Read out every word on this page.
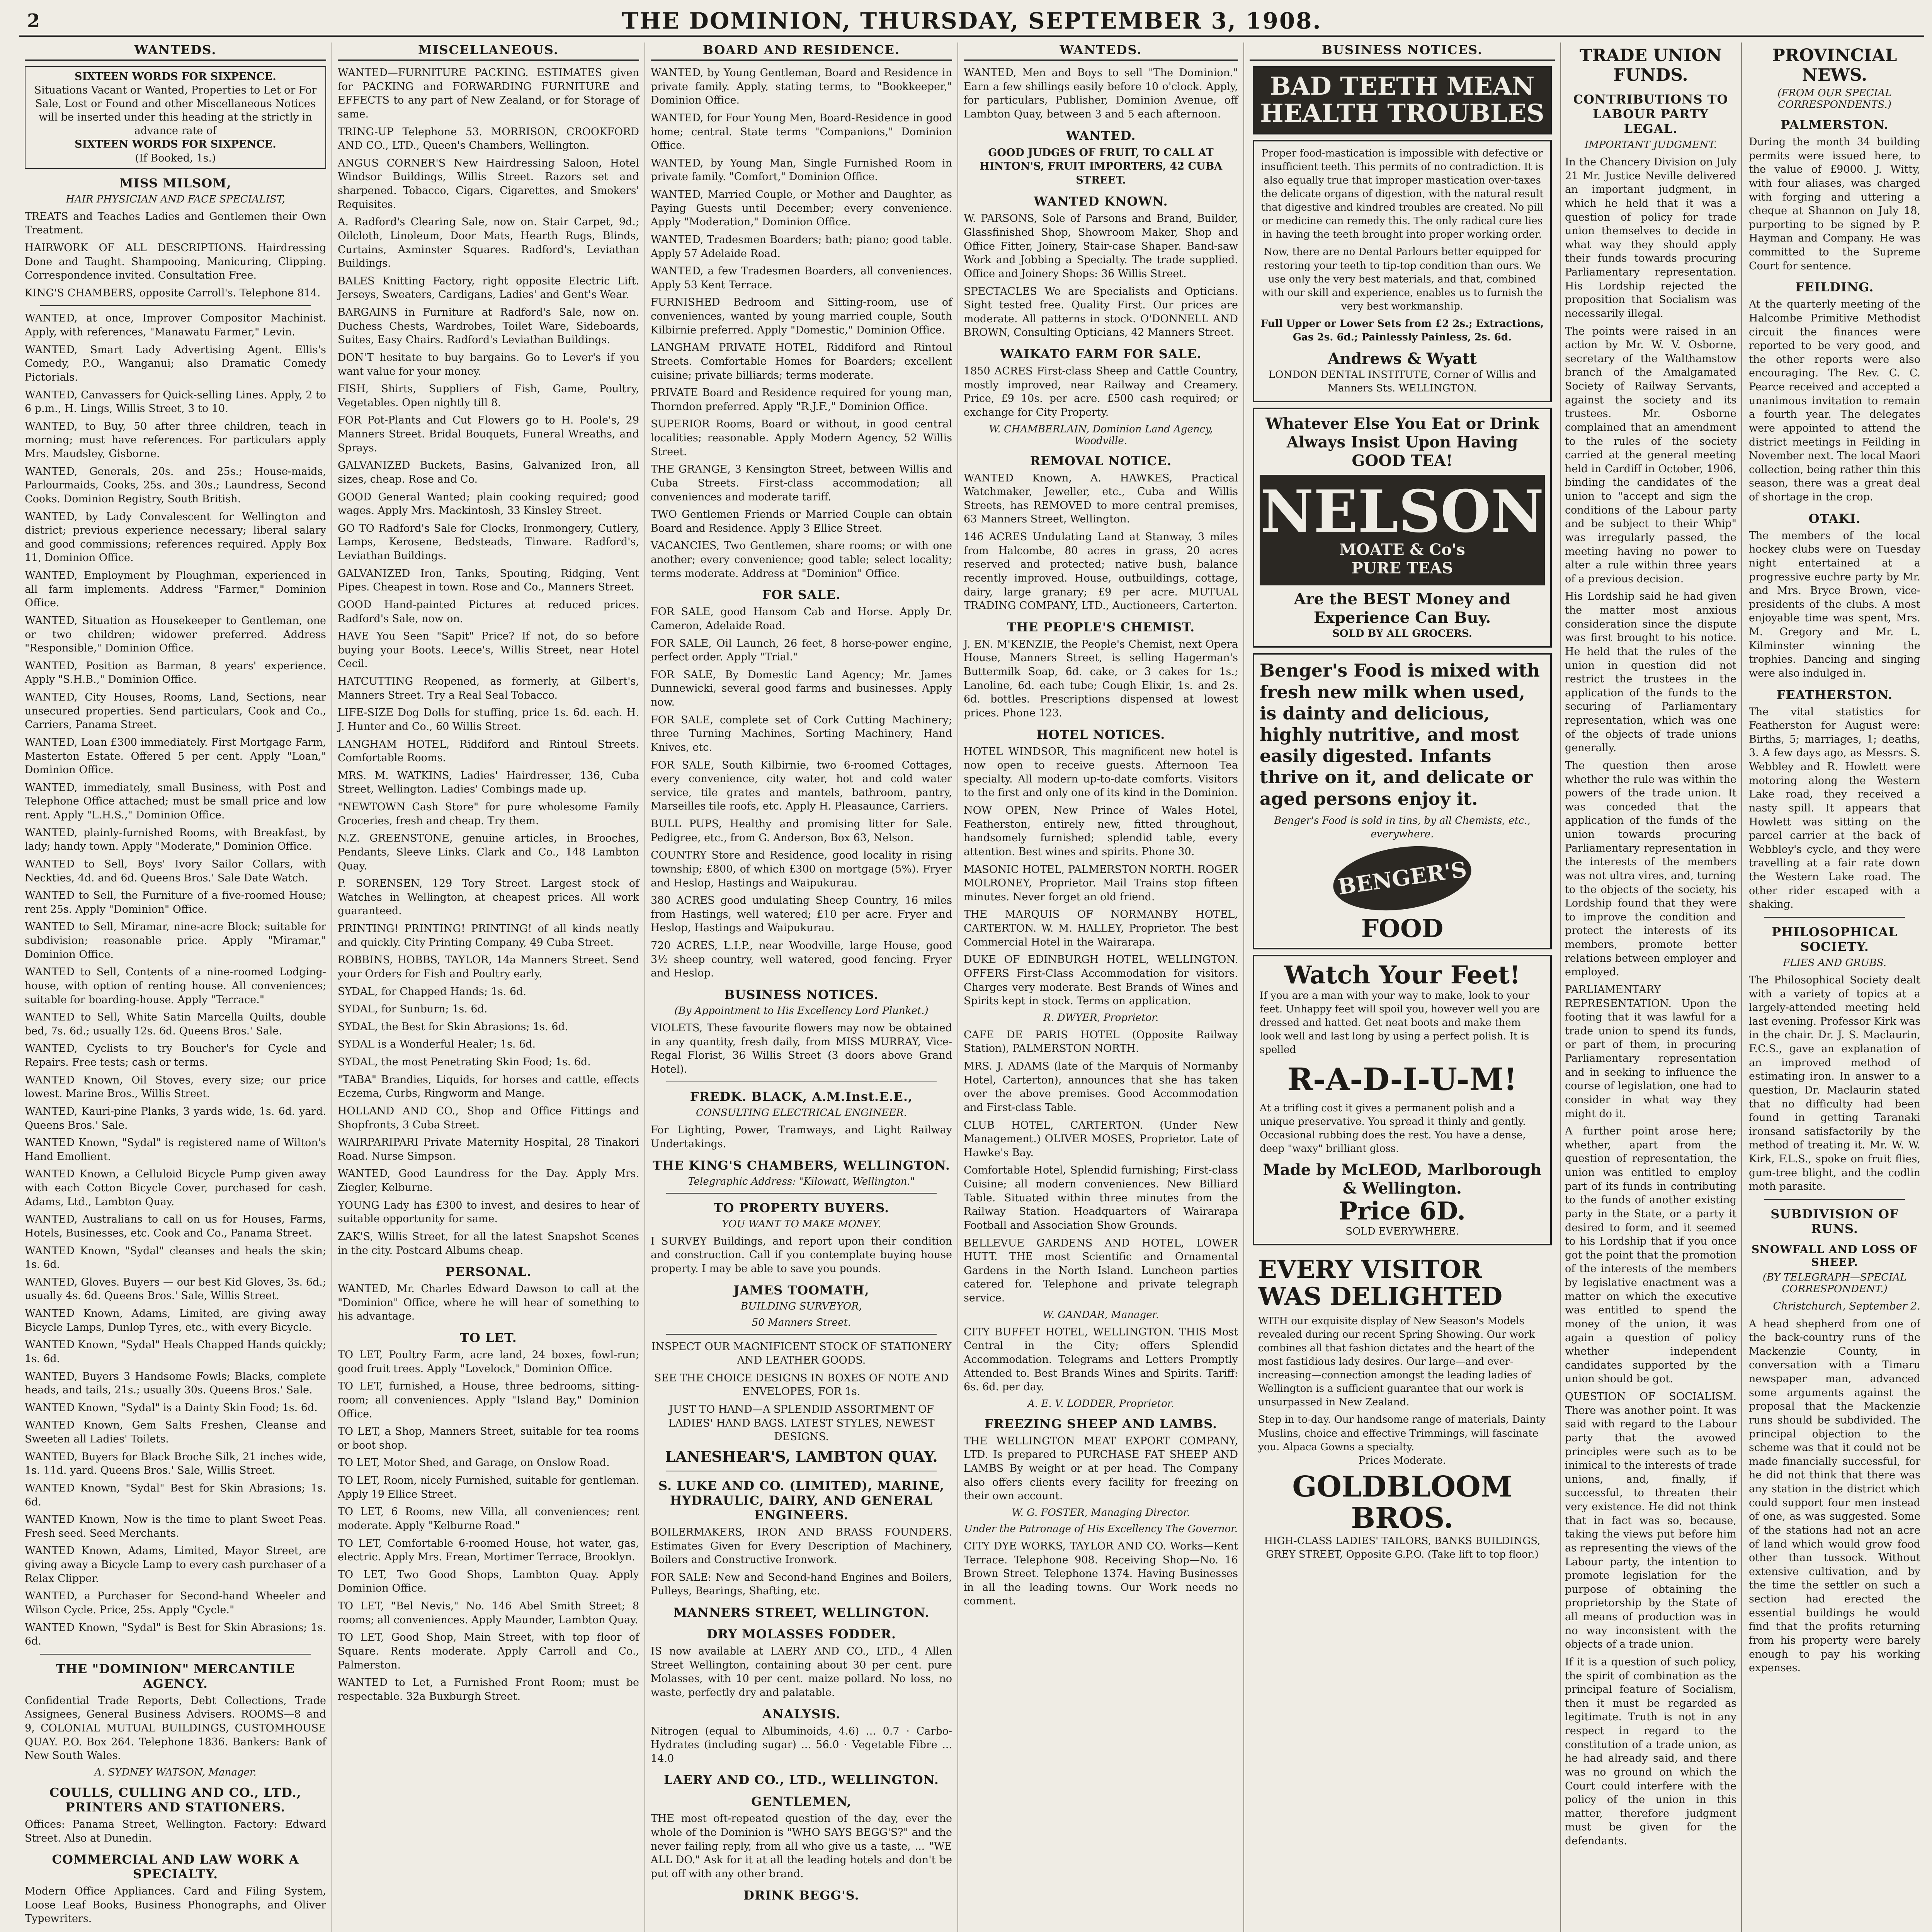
2	THE DOMINION, THURSDAY, SEPTEMBER 3, 1908.
WANTEDS.
SIXTEEN WORDS FOR SIXPENCE.
Situations Vacant or Wanted, Properties to Let or For Sale, Lost or Found and other Miscellaneous Notices will be inserted under this heading at the strictly in advance rate of
SIXTEEN WORDS FOR SIXPENCE.
(If Booked, 1s.)
MISS MILSOM,
HAIR PHYSICIAN AND FACE SPECIALIST,

TREATS and Teaches Ladies and Gentlemen their Own Treatment.

HAIRWORK OF ALL DESCRIPTIONS. Hairdressing Done and Taught. Shampooing, Manicuring, Clipping. Correspondence invited. Consultation Free.

KING'S CHAMBERS, opposite Carroll's. Telephone 814.

WANTED, at once, Improver Compositor Machinist. Apply, with references, "Manawatu Farmer," Levin.

WANTED, Smart Lady Advertising Agent. Ellis's Comedy, P.O., Wanganui; also Dramatic Comedy Pictorials.

WANTED, Canvassers for Quick-selling Lines. Apply, 2 to 6 p.m., H. Lings, Willis Street, 3 to 10.

WANTED, to Buy, 50 after three children, teach in morning; must have references. For particulars apply Mrs. Maudsley, Gisborne.

WANTED, Generals, 20s. and 25s.; House-maids, Parlourmaids, Cooks, 25s. and 30s.; Laundress, Second Cooks. Dominion Registry, South British.

WANTED, by Lady Convalescent for Wellington and district; previous experience necessary; liberal salary and good commissions; references required. Apply Box 11, Dominion Office.

WANTED, Employment by Ploughman, experienced in all farm implements. Address "Farmer," Dominion Office.

WANTED, Situation as Housekeeper to Gentleman, one or two children; widower preferred. Address "Responsible," Dominion Office.

WANTED, Position as Barman, 8 years' experience. Apply "S.H.B.," Dominion Office.

WANTED, City Houses, Rooms, Land, Sections, near unsecured properties. Send particulars, Cook and Co., Carriers, Panama Street.

WANTED, Loan £300 immediately. First Mortgage Farm, Masterton Estate. Offered 5 per cent. Apply "Loan," Dominion Office.

WANTED, immediately, small Business, with Post and Telephone Office attached; must be small price and low rent. Apply "L.H.S.," Dominion Office.

WANTED, plainly-furnished Rooms, with Breakfast, by lady; handy town. Apply "Moderate," Dominion Office.

WANTED to Sell, Boys' Ivory Sailor Collars, with Neckties, 4d. and 6d. Queens Bros.' Sale Date Watch.

WANTED to Sell, the Furniture of a five-roomed House; rent 25s. Apply "Dominion" Office.

WANTED to Sell, Miramar, nine-acre Block; suitable for subdivision; reasonable price. Apply "Miramar," Dominion Office.

WANTED to Sell, Contents of a nine-roomed Lodging-house, with option of renting house. All conveniences; suitable for boarding-house. Apply "Terrace."

WANTED to Sell, White Satin Marcella Quilts, double bed, 7s. 6d.; usually 12s. 6d. Queens Bros.' Sale.

WANTED, Cyclists to try Boucher's for Cycle and Repairs. Free tests; cash or terms.

WANTED Known, Oil Stoves, every size; our price lowest. Marine Bros., Willis Street.

WANTED, Kauri-pine Planks, 3 yards wide, 1s. 6d. yard. Queens Bros.' Sale.

WANTED Known, "Sydal" is registered name of Wilton's Hand Emollient.

WANTED Known, a Celluloid Bicycle Pump given away with each Cotton Bicycle Cover, purchased for cash. Adams, Ltd., Lambton Quay.

WANTED, Australians to call on us for Houses, Farms, Hotels, Businesses, etc. Cook and Co., Panama Street.

WANTED Known, "Sydal" cleanses and heals the skin; 1s. 6d.

WANTED, Gloves. Buyers — our best Kid Gloves, 3s. 6d.; usually 4s. 6d. Queens Bros.' Sale, Willis Street.

WANTED Known, Adams, Limited, are giving away Bicycle Lamps, Dunlop Tyres, etc., with every Bicycle.

WANTED Known, "Sydal" Heals Chapped Hands quickly; 1s. 6d.

WANTED, Buyers 3 Handsome Fowls; Blacks, complete heads, and tails, 21s.; usually 30s. Queens Bros.' Sale.

WANTED Known, "Sydal" is a Dainty Skin Food; 1s. 6d.

WANTED Known, Gem Salts Freshen, Cleanse and Sweeten all Ladies' Toilets.

WANTED, Buyers for Black Broche Silk, 21 inches wide, 1s. 11d. yard. Queens Bros.' Sale, Willis Street.

WANTED Known, "Sydal" Best for Skin Abrasions; 1s. 6d.

WANTED Known, Now is the time to plant Sweet Peas. Fresh seed. Seed Merchants.

WANTED Known, Adams, Limited, Mayor Street, are giving away a Bicycle Lamp to every cash purchaser of a Relax Clipper.

WANTED, a Purchaser for Second-hand Wheeler and Wilson Cycle. Price, 25s. Apply "Cycle."

WANTED Known, "Sydal" is Best for Skin Abrasions; 1s. 6d.

THE "DOMINION" MERCANTILE AGENCY.

Confidential Trade Reports, Debt Collections, Trade Assignees, General Business Advisers. ROOMS—8 and 9, COLONIAL MUTUAL BUILDINGS, CUSTOMHOUSE QUAY. P.O. Box 264. Telephone 1836. Bankers: Bank of New South Wales.

A. SYDNEY WATSON, Manager.
COULLS, CULLING AND CO., LTD., PRINTERS AND STATIONERS.

Offices: Panama Street, Wellington. Factory: Edward Street. Also at Dunedin.

COMMERCIAL AND LAW WORK A SPECIALTY.

Modern Office Appliances. Card and Filing System, Loose Leaf Books, Business Phonographs, and Oliver Typewriters.

MISCELLANEOUS.

WANTED—FURNITURE PACKING. ESTIMATES given for PACKING and FORWARDING FURNITURE and EFFECTS to any part of New Zealand, or for Storage of same.

TRING-UP Telephone 53. MORRISON, CROOKFORD AND CO., LTD., Queen's Chambers, Wellington.

ANGUS CORNER'S New Hairdressing Saloon, Hotel Windsor Buildings, Willis Street. Razors set and sharpened. Tobacco, Cigars, Cigarettes, and Smokers' Requisites.

A. Radford's Clearing Sale, now on. Stair Carpet, 9d.; Oilcloth, Linoleum, Door Mats, Hearth Rugs, Blinds, Curtains, Axminster Squares. Radford's, Leviathan Buildings.

BALES Knitting Factory, right opposite Electric Lift. Jerseys, Sweaters, Cardigans, Ladies' and Gent's Wear.

BARGAINS in Furniture at Radford's Sale, now on. Duchess Chests, Wardrobes, Toilet Ware, Sideboards, Suites, Easy Chairs. Radford's Leviathan Buildings.

DON'T hesitate to buy bargains. Go to Lever's if you want value for your money.

FISH, Shirts, Suppliers of Fish, Game, Poultry, Vegetables. Open nightly till 8.

FOR Pot-Plants and Cut Flowers go to H. Poole's, 29 Manners Street. Bridal Bouquets, Funeral Wreaths, and Sprays.

GALVANIZED Buckets, Basins, Galvanized Iron, all sizes, cheap. Rose and Co.

GOOD General Wanted; plain cooking required; good wages. Apply Mrs. Mackintosh, 33 Kinsley Street.

GO TO Radford's Sale for Clocks, Ironmongery, Cutlery, Lamps, Kerosene, Bedsteads, Tinware. Radford's, Leviathan Buildings.

GALVANIZED Iron, Tanks, Spouting, Ridging, Vent Pipes. Cheapest in town. Rose and Co., Manners Street.

GOOD Hand-painted Pictures at reduced prices. Radford's Sale, now on.

HAVE You Seen "Sapit" Price? If not, do so before buying your Boots. Leece's, Willis Street, near Hotel Cecil.

HATCUTTING Reopened, as formerly, at Gilbert's, Manners Street. Try a Real Seal Tobacco.

LIFE-SIZE Dog Dolls for stuffing, price 1s. 6d. each. H. J. Hunter and Co., 60 Willis Street.

LANGHAM HOTEL, Riddiford and Rintoul Streets. Comfortable Rooms.

MRS. M. WATKINS, Ladies' Hairdresser, 136, Cuba Street, Wellington. Ladies' Combings made up.

"NEWTOWN Cash Store" for pure wholesome Family Groceries, fresh and cheap. Try them.

N.Z. GREENSTONE, genuine articles, in Brooches, Pendants, Sleeve Links. Clark and Co., 148 Lambton Quay.

P. SORENSEN, 129 Tory Street. Largest stock of Watches in Wellington, at cheapest prices. All work guaranteed.

PRINTING! PRINTING! PRINTING! of all kinds neatly and quickly. City Printing Company, 49 Cuba Street.

ROBBINS, HOBBS, TAYLOR, 14a Manners Street. Send your Orders for Fish and Poultry early.

SYDAL, for Chapped Hands; 1s. 6d.

SYDAL, for Sunburn; 1s. 6d.

SYDAL, the Best for Skin Abrasions; 1s. 6d.

SYDAL is a Wonderful Healer; 1s. 6d.

SYDAL, the most Penetrating Skin Food; 1s. 6d.

"TABA" Brandies, Liquids, for horses and cattle, effects Eczema, Curbs, Ringworm and Mange.

HOLLAND AND CO., Shop and Office Fittings and Shopfronts, 3 Cuba Street.

WAIRPARIPARI Private Maternity Hospital, 28 Tinakori Road. Nurse Simpson.

WANTED, Good Laundress for the Day. Apply Mrs. Ziegler, Kelburne.

YOUNG Lady has £300 to invest, and desires to hear of suitable opportunity for same.

ZAK'S, Willis Street, for all the latest Snapshot Scenes in the city. Postcard Albums cheap.

PERSONAL.

WANTED, Mr. Charles Edward Dawson to call at the "Dominion" Office, where he will hear of something to his advantage.

TO LET.

TO LET, Poultry Farm, acre land, 24 boxes, fowl-run; good fruit trees. Apply "Lovelock," Dominion Office.

TO LET, furnished, a House, three bedrooms, sitting-room; all conveniences. Apply "Island Bay," Dominion Office.

TO LET, a Shop, Manners Street, suitable for tea rooms or boot shop.

TO LET, Motor Shed, and Garage, on Onslow Road.

TO LET, Room, nicely Furnished, suitable for gentleman. Apply 19 Ellice Street.

TO LET, 6 Rooms, new Villa, all conveniences; rent moderate. Apply "Kelburne Road."

TO LET, Comfortable 6-roomed House, hot water, gas, electric. Apply Mrs. Frean, Mortimer Terrace, Brooklyn.

TO LET, Two Good Shops, Lambton Quay. Apply Dominion Office.

TO LET, "Bel Nevis," No. 146 Abel Smith Street; 8 rooms; all conveniences. Apply Maunder, Lambton Quay.

TO LET, Good Shop, Main Street, with top floor of Square. Rents moderate. Apply Carroll and Co., Palmerston.

WANTED to Let, a Furnished Front Room; must be respectable. 32a Buxburgh Street.

BOARD AND RESIDENCE.

WANTED, by Young Gentleman, Board and Residence in private family. Apply, stating terms, to "Bookkeeper," Dominion Office.

WANTED, for Four Young Men, Board-Residence in good home; central. State terms "Companions," Dominion Office.

WANTED, by Young Man, Single Furnished Room in private family. "Comfort," Dominion Office.

WANTED, Married Couple, or Mother and Daughter, as Paying Guests until December; every convenience. Apply "Moderation," Dominion Office.

WANTED, Tradesmen Boarders; bath; piano; good table. Apply 57 Adelaide Road.

WANTED, a few Tradesmen Boarders, all conveniences. Apply 53 Kent Terrace.

FURNISHED Bedroom and Sitting-room, use of conveniences, wanted by young married couple, South Kilbirnie preferred. Apply "Domestic," Dominion Office.

LANGHAM PRIVATE HOTEL, Riddiford and Rintoul Streets. Comfortable Homes for Boarders; excellent cuisine; private billiards; terms moderate.

PRIVATE Board and Residence required for young man, Thorndon preferred. Apply "R.J.F.," Dominion Office.

SUPERIOR Rooms, Board or without, in good central localities; reasonable. Apply Modern Agency, 52 Willis Street.

THE GRANGE, 3 Kensington Street, between Willis and Cuba Streets. First-class accommodation; all conveniences and moderate tariff.

TWO Gentlemen Friends or Married Couple can obtain Board and Residence. Apply 3 Ellice Street.

VACANCIES, Two Gentlemen, share rooms; or with one another; every convenience; good table; select locality; terms moderate. Address at "Dominion" Office.

FOR SALE.

FOR SALE, good Hansom Cab and Horse. Apply Dr. Cameron, Adelaide Road.

FOR SALE, Oil Launch, 26 feet, 8 horse-power engine, perfect order. Apply "Trial."

FOR SALE, By Domestic Land Agency; Mr. James Dunnewicki, several good farms and businesses. Apply now.

FOR SALE, complete set of Cork Cutting Machinery; three Turning Machines, Sorting Machinery, Hand Knives, etc.

FOR SALE, South Kilbirnie, two 6-roomed Cottages, every convenience, city water, hot and cold water service, tile grates and mantels, bathroom, pantry, Marseilles tile roofs, etc. Apply H. Pleasaunce, Carriers.

BULL PUPS, Healthy and promising litter for Sale. Pedigree, etc., from G. Anderson, Box 63, Nelson.

COUNTRY Store and Residence, good locality in rising township; £800, of which £300 on mortgage (5%). Fryer and Heslop, Hastings and Waipukurau.

380 ACRES good undulating Sheep Country, 16 miles from Hastings, well watered; £10 per acre. Fryer and Heslop, Hastings and Waipukurau.

720 ACRES, L.I.P., near Woodville, large House, good 3½ sheep country, well watered, good fencing. Fryer and Heslop.

BUSINESS NOTICES.
(By Appointment to His Excellency Lord Plunket.)

VIOLETS, These favourite flowers may now be obtained in any quantity, fresh daily, from MISS MURRAY, Vice-Regal Florist, 36 Willis Street (3 doors above Grand Hotel).

FREDK. BLACK, A.M.Inst.E.E.,
CONSULTING ELECTRICAL ENGINEER.

For Lighting, Power, Tramways, and Light Railway Undertakings.

THE KING'S CHAMBERS, WELLINGTON.
Telegraphic Address: "Kilowatt, Wellington."
TO PROPERTY BUYERS.
YOU WANT TO MAKE MONEY.

I SURVEY Buildings, and report upon their condition and construction. Call if you contemplate buying house property. I may be able to save you pounds.

JAMES TOOMATH,
BUILDING SURVEYOR,
50 Manners Street.

INSPECT OUR MAGNIFICENT STOCK OF STATIONERY AND LEATHER GOODS.

SEE THE CHOICE DESIGNS IN BOXES OF NOTE AND ENVELOPES, FOR 1s.

JUST TO HAND—A SPLENDID ASSORTMENT OF LADIES' HAND BAGS. LATEST STYLES, NEWEST DESIGNS.

LANESHEAR'S, LAMBTON QUAY.
S. LUKE AND CO. (LIMITED), MARINE, HYDRAULIC, DAIRY, AND GENERAL ENGINEERS.

BOILERMAKERS, IRON AND BRASS FOUNDERS. Estimates Given for Every Description of Machinery, Boilers and Constructive Ironwork.

FOR SALE: New and Second-hand Engines and Boilers, Pulleys, Bearings, Shafting, etc.

MANNERS STREET, WELLINGTON.
DRY MOLASSES FODDER.

IS now available at LAERY AND CO., LTD., 4 Allen Street Wellington, containing about 30 per cent. pure Molasses, with 10 per cent. maize pollard. No loss, no waste, perfectly dry and palatable.

ANALYSIS.

Nitrogen (equal to Albuminoids, 4.6) ... 0.7 · Carbo-Hydrates (including sugar) ... 56.0 · Vegetable Fibre ... 14.0

LAERY AND CO., LTD., WELLINGTON.
GENTLEMEN,

THE most oft-repeated question of the day, ever the whole of the Dominion is "WHO SAYS BEGG'S?" and the never failing reply, from all who give us a taste, ... "WE ALL DO." Ask for it at all the leading hotels and don't be put off with any other brand.

DRINK BEGG'S.
WANTEDS.

WANTED, Men and Boys to sell "The Dominion." Earn a few shillings easily before 10 o'clock. Apply, for particulars, Publisher, Dominion Avenue, off Lambton Quay, between 3 and 5 each afternoon.

WANTED.

GOOD JUDGES OF FRUIT, TO CALL AT HINTON'S, FRUIT IMPORTERS, 42 CUBA STREET.

WANTED KNOWN.

W. PARSONS, Sole of Parsons and Brand, Builder, Glassfinished Shop, Showroom Maker, Shop and Office Fitter, Joinery, Stair-case Shaper. Band-saw Work and Jobbing a Specialty. The trade supplied. Office and Joinery Shops: 36 Willis Street.

SPECTACLES We are Specialists and Opticians. Sight tested free. Quality First. Our prices are moderate. All patterns in stock. O'DONNELL AND BROWN, Consulting Opticians, 42 Manners Street.

WAIKATO FARM FOR SALE.

1850 ACRES First-class Sheep and Cattle Country, mostly improved, near Railway and Creamery. Price, £9 10s. per acre. £500 cash required; or exchange for City Property.

W. CHAMBERLAIN, Dominion Land Agency, Woodville.
REMOVAL NOTICE.

WANTED Known, A. HAWKES, Practical Watchmaker, Jeweller, etc., Cuba and Willis Streets, has REMOVED to more central premises, 63 Manners Street, Wellington.

146 ACRES Undulating Land at Stanway, 3 miles from Halcombe, 80 acres in grass, 20 acres reserved and protected; native bush, balance recently improved. House, outbuildings, cottage, dairy, large granary; £9 per acre. MUTUAL TRADING COMPANY, LTD., Auctioneers, Carterton.

THE PEOPLE'S CHEMIST.

J. EN. M'KENZIE, the People's Chemist, next Opera House, Manners Street, is selling Hagerman's Buttermilk Soap, 6d. cake, or 3 cakes for 1s.; Lanoline, 6d. each tube; Cough Elixir, 1s. and 2s. 6d. bottles. Prescriptions dispensed at lowest prices. Phone 123.

HOTEL NOTICES.

HOTEL WINDSOR, This magnificent new hotel is now open to receive guests. Afternoon Tea specialty. All modern up-to-date comforts. Visitors to the first and only one of its kind in the Dominion.

NOW OPEN, New Prince of Wales Hotel, Featherston, entirely new, fitted throughout, handsomely furnished; splendid table, every attention. Best wines and spirits. Phone 30.

MASONIC HOTEL, PALMERSTON NORTH. ROGER MOLRONEY, Proprietor. Mail Trains stop fifteen minutes. Never forget an old friend.

THE MARQUIS OF NORMANBY HOTEL, CARTERTON. W. M. HALLEY, Proprietor. The best Commercial Hotel in the Wairarapa.

DUKE OF EDINBURGH HOTEL, WELLINGTON. OFFERS First-Class Accommodation for visitors. Charges very moderate. Best Brands of Wines and Spirits kept in stock. Terms on application.

R. DWYER, Proprietor.

CAFE DE PARIS HOTEL (Opposite Railway Station), PALMERSTON NORTH.

MRS. J. ADAMS (late of the Marquis of Normanby Hotel, Carterton), announces that she has taken over the above premises. Good Accommodation and First-class Table.

CLUB HOTEL, CARTERTON. (Under New Management.) OLIVER MOSES, Proprietor. Late of Hawke's Bay.

Comfortable Hotel, Splendid furnishing; First-class Cuisine; all modern conveniences. New Billiard Table. Situated within three minutes from the Railway Station. Headquarters of Wairarapa Football and Association Show Grounds.

BELLEVUE GARDENS AND HOTEL, LOWER HUTT. THE most Scientific and Ornamental Gardens in the North Island. Luncheon parties catered for. Telephone and private telegraph service.

W. GANDAR, Manager.

CITY BUFFET HOTEL, WELLINGTON. THIS Most Central in the City; offers Splendid Accommodation. Telegrams and Letters Promptly Attended to. Best Brands Wines and Spirits. Tariff: 6s. 6d. per day.

A. E. V. LODDER, Proprietor.
FREEZING SHEEP AND LAMBS.

THE WELLINGTON MEAT EXPORT COMPANY, LTD. Is prepared to PURCHASE FAT SHEEP AND LAMBS By weight or at per head. The Company also offers clients every facility for freezing on their own account.

W. G. FOSTER, Managing Director.
Under the Patronage of His Excellency The Governor.

CITY DYE WORKS, TAYLOR AND CO. Works—Kent Terrace. Telephone 908. Receiving Shop—No. 16 Brown Street. Telephone 1374. Having Businesses in all the leading towns. Our Work needs no comment.

BUSINESS NOTICES.
BAD TEETH MEAN HEALTH TROUBLES
Proper food-mastication is impossible with defective or insufficient teeth. This permits of no contradiction. It is also equally true that improper mastication over-taxes the delicate organs of digestion, with the natural result that digestive and kindred troubles are created. No pill or medicine can remedy this. The only radical cure lies in having the teeth brought into proper working order.
Now, there are no Dental Parlours better equipped for restoring your teeth to tip-top condition than ours. We use only the very best materials, and that, combined with our skill and experience, enables us to furnish the very best workmanship.
Full Upper or Lower Sets from £2 2s.; Extractions, Gas 2s. 6d.; Painlessly Painless, 2s. 6d.
Andrews & Wyatt
LONDON DENTAL INSTITUTE, Corner of Willis and Manners Sts. WELLINGTON.
Whatever Else You Eat or Drink Always Insist Upon Having GOOD TEA!
NELSON
MOATE & Co's
PURE TEAS
Are the BEST Money and Experience Can Buy.
SOLD BY ALL GROCERS.
Benger's Food is mixed with fresh new milk when used, is dainty and delicious, highly nutritive, and most easily digested. Infants thrive on it, and delicate or aged persons enjoy it.
Benger's Food is sold in tins, by all Chemists, etc., everywhere.
BENGER'S
FOOD
Watch Your Feet!
If you are a man with your way to make, look to your feet. Unhappy feet will spoil you, however well you are dressed and hatted. Get neat boots and make them look well and last long by using a perfect polish. It is spelled
R-A-D-I-U-M!
At a trifling cost it gives a permanent polish and a unique preservative. You spread it thinly and gently. Occasional rubbing does the rest. You have a dense, deep "waxy" brilliant gloss.
Made by McLEOD, Marlborough & Wellington.
Price 6D.
SOLD EVERYWHERE.
EVERY VISITOR WAS DELIGHTED
WITH our exquisite display of New Season's Models revealed during our recent Spring Showing. Our work combines all that fashion dictates and the heart of the most fastidious lady desires. Our large—and ever-increasing—connection amongst the leading ladies of Wellington is a sufficient guarantee that our work is unsurpassed in New Zealand.
Step in to-day. Our handsome range of materials, Dainty Muslins, choice and effective Trimmings, will fascinate you. Alpaca Gowns a specialty.
Prices Moderate.
GOLDBLOOM BROS.
HIGH-CLASS LADIES' TAILORS, BANKS BUILDINGS, GREY STREET, Opposite G.P.O. (Take lift to top floor.)
TRADE UNION FUNDS.
CONTRIBUTIONS TO LABOUR PARTY LEGAL.
IMPORTANT JUDGMENT.

In the Chancery Division on July 21 Mr. Justice Neville delivered an important judgment, in which he held that it was a question of policy for trade union themselves to decide in what way they should apply their funds towards procuring Parliamentary representation. His Lordship rejected the proposition that Socialism was necessarily illegal.

The points were raised in an action by Mr. W. V. Osborne, secretary of the Walthamstow branch of the Amalgamated Society of Railway Servants, against the society and its trustees. Mr. Osborne complained that an amendment to the rules of the society carried at the general meeting held in Cardiff in October, 1906, binding the candidates of the union to "accept and sign the conditions of the Labour party and be subject to their Whip" was irregularly passed, the meeting having no power to alter a rule within three years of a previous decision.

His Lordship said he had given the matter most anxious consideration since the dispute was first brought to his notice. He held that the rules of the union in question did not restrict the trustees in the application of the funds to the securing of Parliamentary representation, which was one of the objects of trade unions generally.

The question then arose whether the rule was within the powers of the trade union. It was conceded that the application of the funds of the union towards procuring Parliamentary representation in the interests of the members was not ultra vires, and, turning to the objects of the society, his Lordship found that they were to improve the condition and protect the interests of its members, promote better relations between employer and employed.

PARLIAMENTARY REPRESENTATION. Upon the footing that it was lawful for a trade union to spend its funds, or part of them, in procuring Parliamentary representation and in seeking to influence the course of legislation, one had to consider in what way they might do it.

A further point arose here; whether, apart from the question of representation, the union was entitled to employ part of its funds in contributing to the funds of another existing party in the State, or a party it desired to form, and it seemed to his Lordship that if you once got the point that the promotion of the interests of the members by legislative enactment was a matter on which the executive was entitled to spend the money of the union, it was again a question of policy whether independent candidates supported by the union should be got.

QUESTION OF SOCIALISM. There was another point. It was said with regard to the Labour party that the avowed principles were such as to be inimical to the interests of trade unions, and, finally, if successful, to threaten their very existence. He did not think that in fact was so, because, taking the views put before him as representing the views of the Labour party, the intention to promote legislation for the purpose of obtaining the proprietorship by the State of all means of production was in no way inconsistent with the objects of a trade union.

If it is a question of such policy, the spirit of combination as the principal feature of Socialism, then it must be regarded as legitimate. Truth is not in any respect in regard to the constitution of a trade union, as he had already said, and there was no ground on which the Court could interfere with the policy of the union in this matter, therefore judgment must be given for the defendants.

PROVINCIAL NEWS.
(FROM OUR SPECIAL CORRESPONDENTS.)
PALMERSTON.

During the month 34 building permits were issued here, to the value of £9000. J. Witty, with four aliases, was charged with forging and uttering a cheque at Shannon on July 18, purporting to be signed by P. Hayman and Company. He was committed to the Supreme Court for sentence.

FEILDING.

At the quarterly meeting of the Halcombe Primitive Methodist circuit the finances were reported to be very good, and the other reports were also encouraging. The Rev. C. C. Pearce received and accepted a unanimous invitation to remain a fourth year. The delegates were appointed to attend the district meetings in Feilding in November next. The local Maori collection, being rather thin this season, there was a great deal of shortage in the crop.

OTAKI.

The members of the local hockey clubs were on Tuesday night entertained at a progressive euchre party by Mr. and Mrs. Bryce Brown, vice-presidents of the clubs. A most enjoyable time was spent, Mrs. M. Gregory and Mr. L. Kilminster winning the trophies. Dancing and singing were also indulged in.

FEATHERSTON.

The vital statistics for Featherston for August were: Births, 5; marriages, 1; deaths, 3. A few days ago, as Messrs. S. Webbley and R. Howlett were motoring along the Western Lake road, they received a nasty spill. It appears that Howlett was sitting on the parcel carrier at the back of Webbley's cycle, and they were travelling at a fair rate down the Western Lake road. The other rider escaped with a shaking.

PHILOSOPHICAL SOCIETY.
FLIES AND GRUBS.

The Philosophical Society dealt with a variety of topics at a largely-attended meeting held last evening. Professor Kirk was in the chair. Dr. J. S. Maclaurin, F.C.S., gave an explanation of an improved method of estimating iron. In answer to a question, Dr. Maclaurin stated that no difficulty had been found in getting Taranaki ironsand satisfactorily by the method of treating it. Mr. W. W. Kirk, F.L.S., spoke on fruit flies, gum-tree blight, and the codlin moth parasite.

SUBDIVISION OF RUNS.
SNOWFALL AND LOSS OF SHEEP.
(BY TELEGRAPH—SPECIAL CORRESPONDENT.)

Christchurch, September 2.

A head shepherd from one of the back-country runs of the Mackenzie County, in conversation with a Timaru newspaper man, advanced some arguments against the proposal that the Mackenzie runs should be subdivided. The principal objection to the scheme was that it could not be made financially successful, for he did not think that there was any station in the district which could support four men instead of one, as was suggested. Some of the stations had not an acre of land which would grow food other than tussock. Without extensive cultivation, and by the time the settler on such a section had erected the essential buildings he would find that the profits returning from his property were barely enough to pay his working expenses.
